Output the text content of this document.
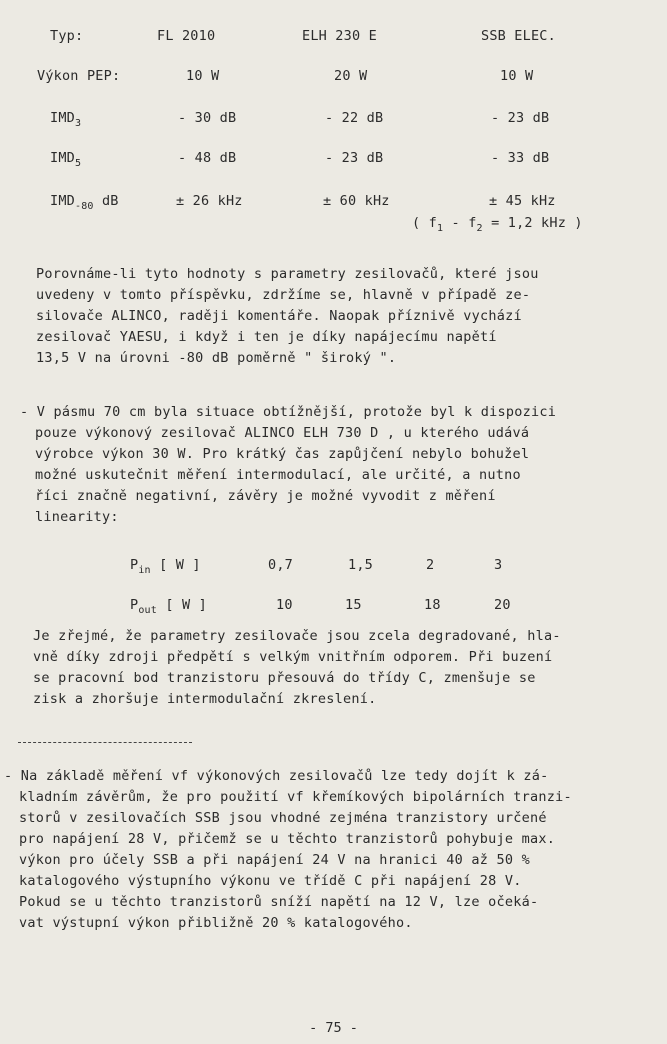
Typ:	FL 2010	ELH 230 E	SSB ELEC.
Výkon PEP:	10 W	20 W	10 W
$IMD_3$	- 30 dB	- 22 dB	- 23 dB
$IMD_5$	- 48 dB	- 23 dB	- 33 dB
$IMD_{-80}$ dB	± 26 kHz	± 60 kHz	± 45 kHz
( $f_1 - f_2 = 1,2$ kHz )
Porovnáme-li tyto hodnoty s parametry zesilovačů, které jsou
uvedeny v tomto příspěvku, zdržíme se, hlavně v případě ze-
silovače ALINCO, raději komentáře. Naopak příznivě vychází
zesilovač YAESU, i když i ten je díky napájecímu napětí
13,5 V na úrovni -80 dB poměrně " široký ".
- V pásmu 70 cm byla situace obtížnější, protože byl k dispozici
pouze výkonový zesilovač ALINCO ELH 730 D , u kterého udává
výrobce výkon 30 W. Pro krátký čas zapůjčení nebylo bohužel
možné uskutečnit měření intermodulací, ale určité, a nutno
říci značně negativní, závěry je možné vyvodit z měření
linearity:
$P_{in}$ [ W ]	0,7	1,5	2	3
$P_{out}$ [ W ]	10	15	18	20
Je zřejmé, že parametry zesilovače jsou zcela degradované, hla-
vně díky zdroji předpětí s velkým vnitřním odporem. Při buzení
se pracovní bod tranzistoru přesouvá do třídy C, zmenšuje se
zisk a zhoršuje intermodulační zkreslení.
- Na základě měření vf výkonových zesilovačů lze tedy dojít k zá-
kladním závěrům, že pro použití vf křemíkových bipolárních tranzi-
storů v zesilovačích SSB jsou vhodné zejména tranzistory určené
pro napájení 28 V, přičemž se u těchto tranzistorů pohybuje max.
výkon pro účely SSB a při napájení 24 V na hranici 40 až 50 %
katalogového výstupního výkonu ve třídě C při napájení 28 V.
Pokud se u těchto tranzistorů sníží napětí na 12 V, lze očeká-
vat výstupní výkon přibližně 20 % katalogového.
- 75 -
